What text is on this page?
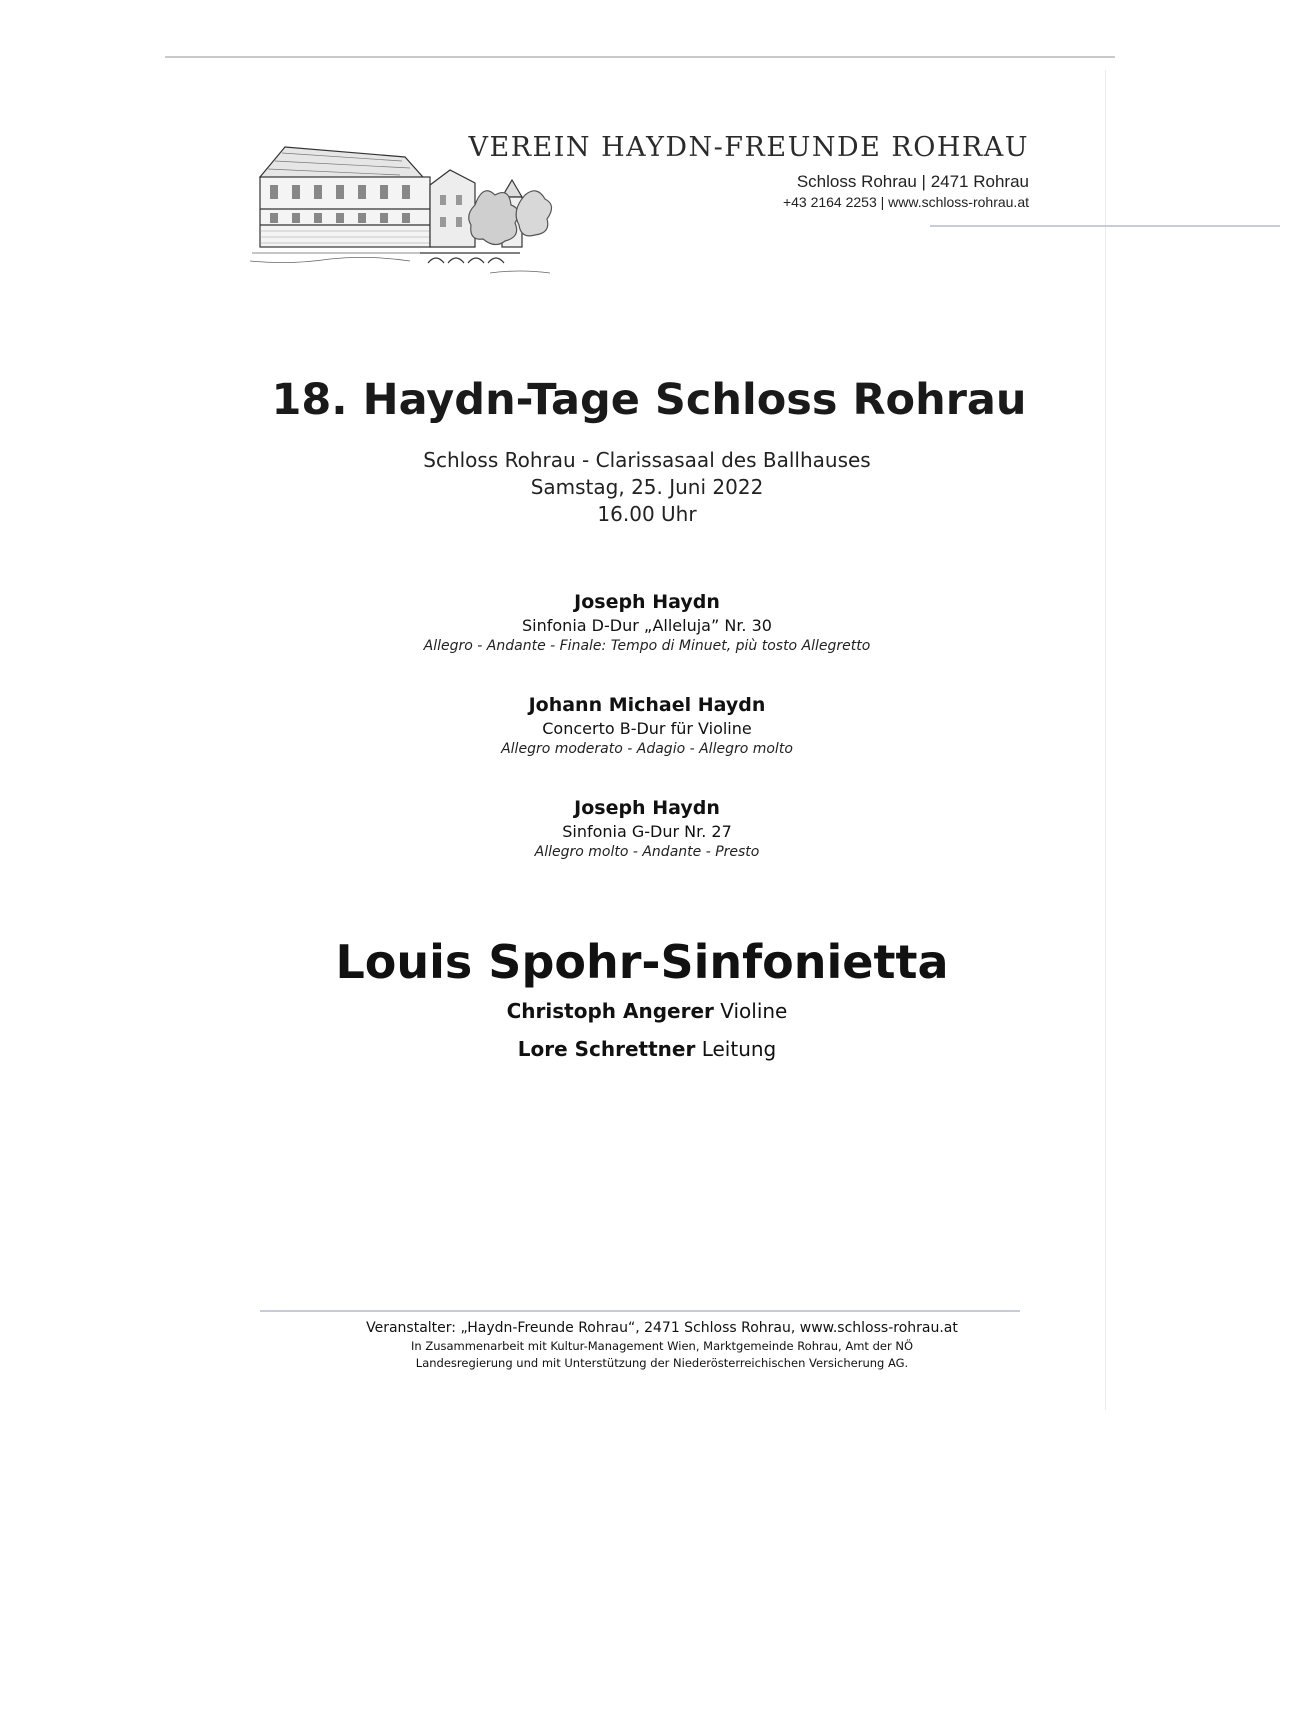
VEREIN HAYDN-FREUNDE ROHRAU
Schloss Rohrau | 2471 Rohrau
+43 2164 2253 | www.schloss-rohrau.at
18. Haydn-Tage Schloss Rohrau
Schloss Rohrau - Clarissasaal des Ballhauses
Samstag, 25. Juni 2022
16.00 Uhr
Joseph Haydn
Sinfonia D-Dur „Alleluja” Nr. 30
Allegro - Andante - Finale: Tempo di Minuet, più tosto Allegretto
Johann Michael Haydn
Concerto B-Dur für Violine
Allegro moderato - Adagio - Allegro molto
Joseph Haydn
Sinfonia G-Dur Nr. 27
Allegro molto - Andante - Presto
Louis Spohr-Sinfonietta
Christoph Angerer Violine
Lore Schrettner Leitung
Veranstalter: „Haydn-Freunde Rohrau“, 2471 Schloss Rohrau, www.schloss-rohrau.at
In Zusammenarbeit mit Kultur-Management Wien, Marktgemeinde Rohrau, Amt der NÖ
Landesregierung und mit Unterstützung der Niederösterreichischen Versicherung AG.
